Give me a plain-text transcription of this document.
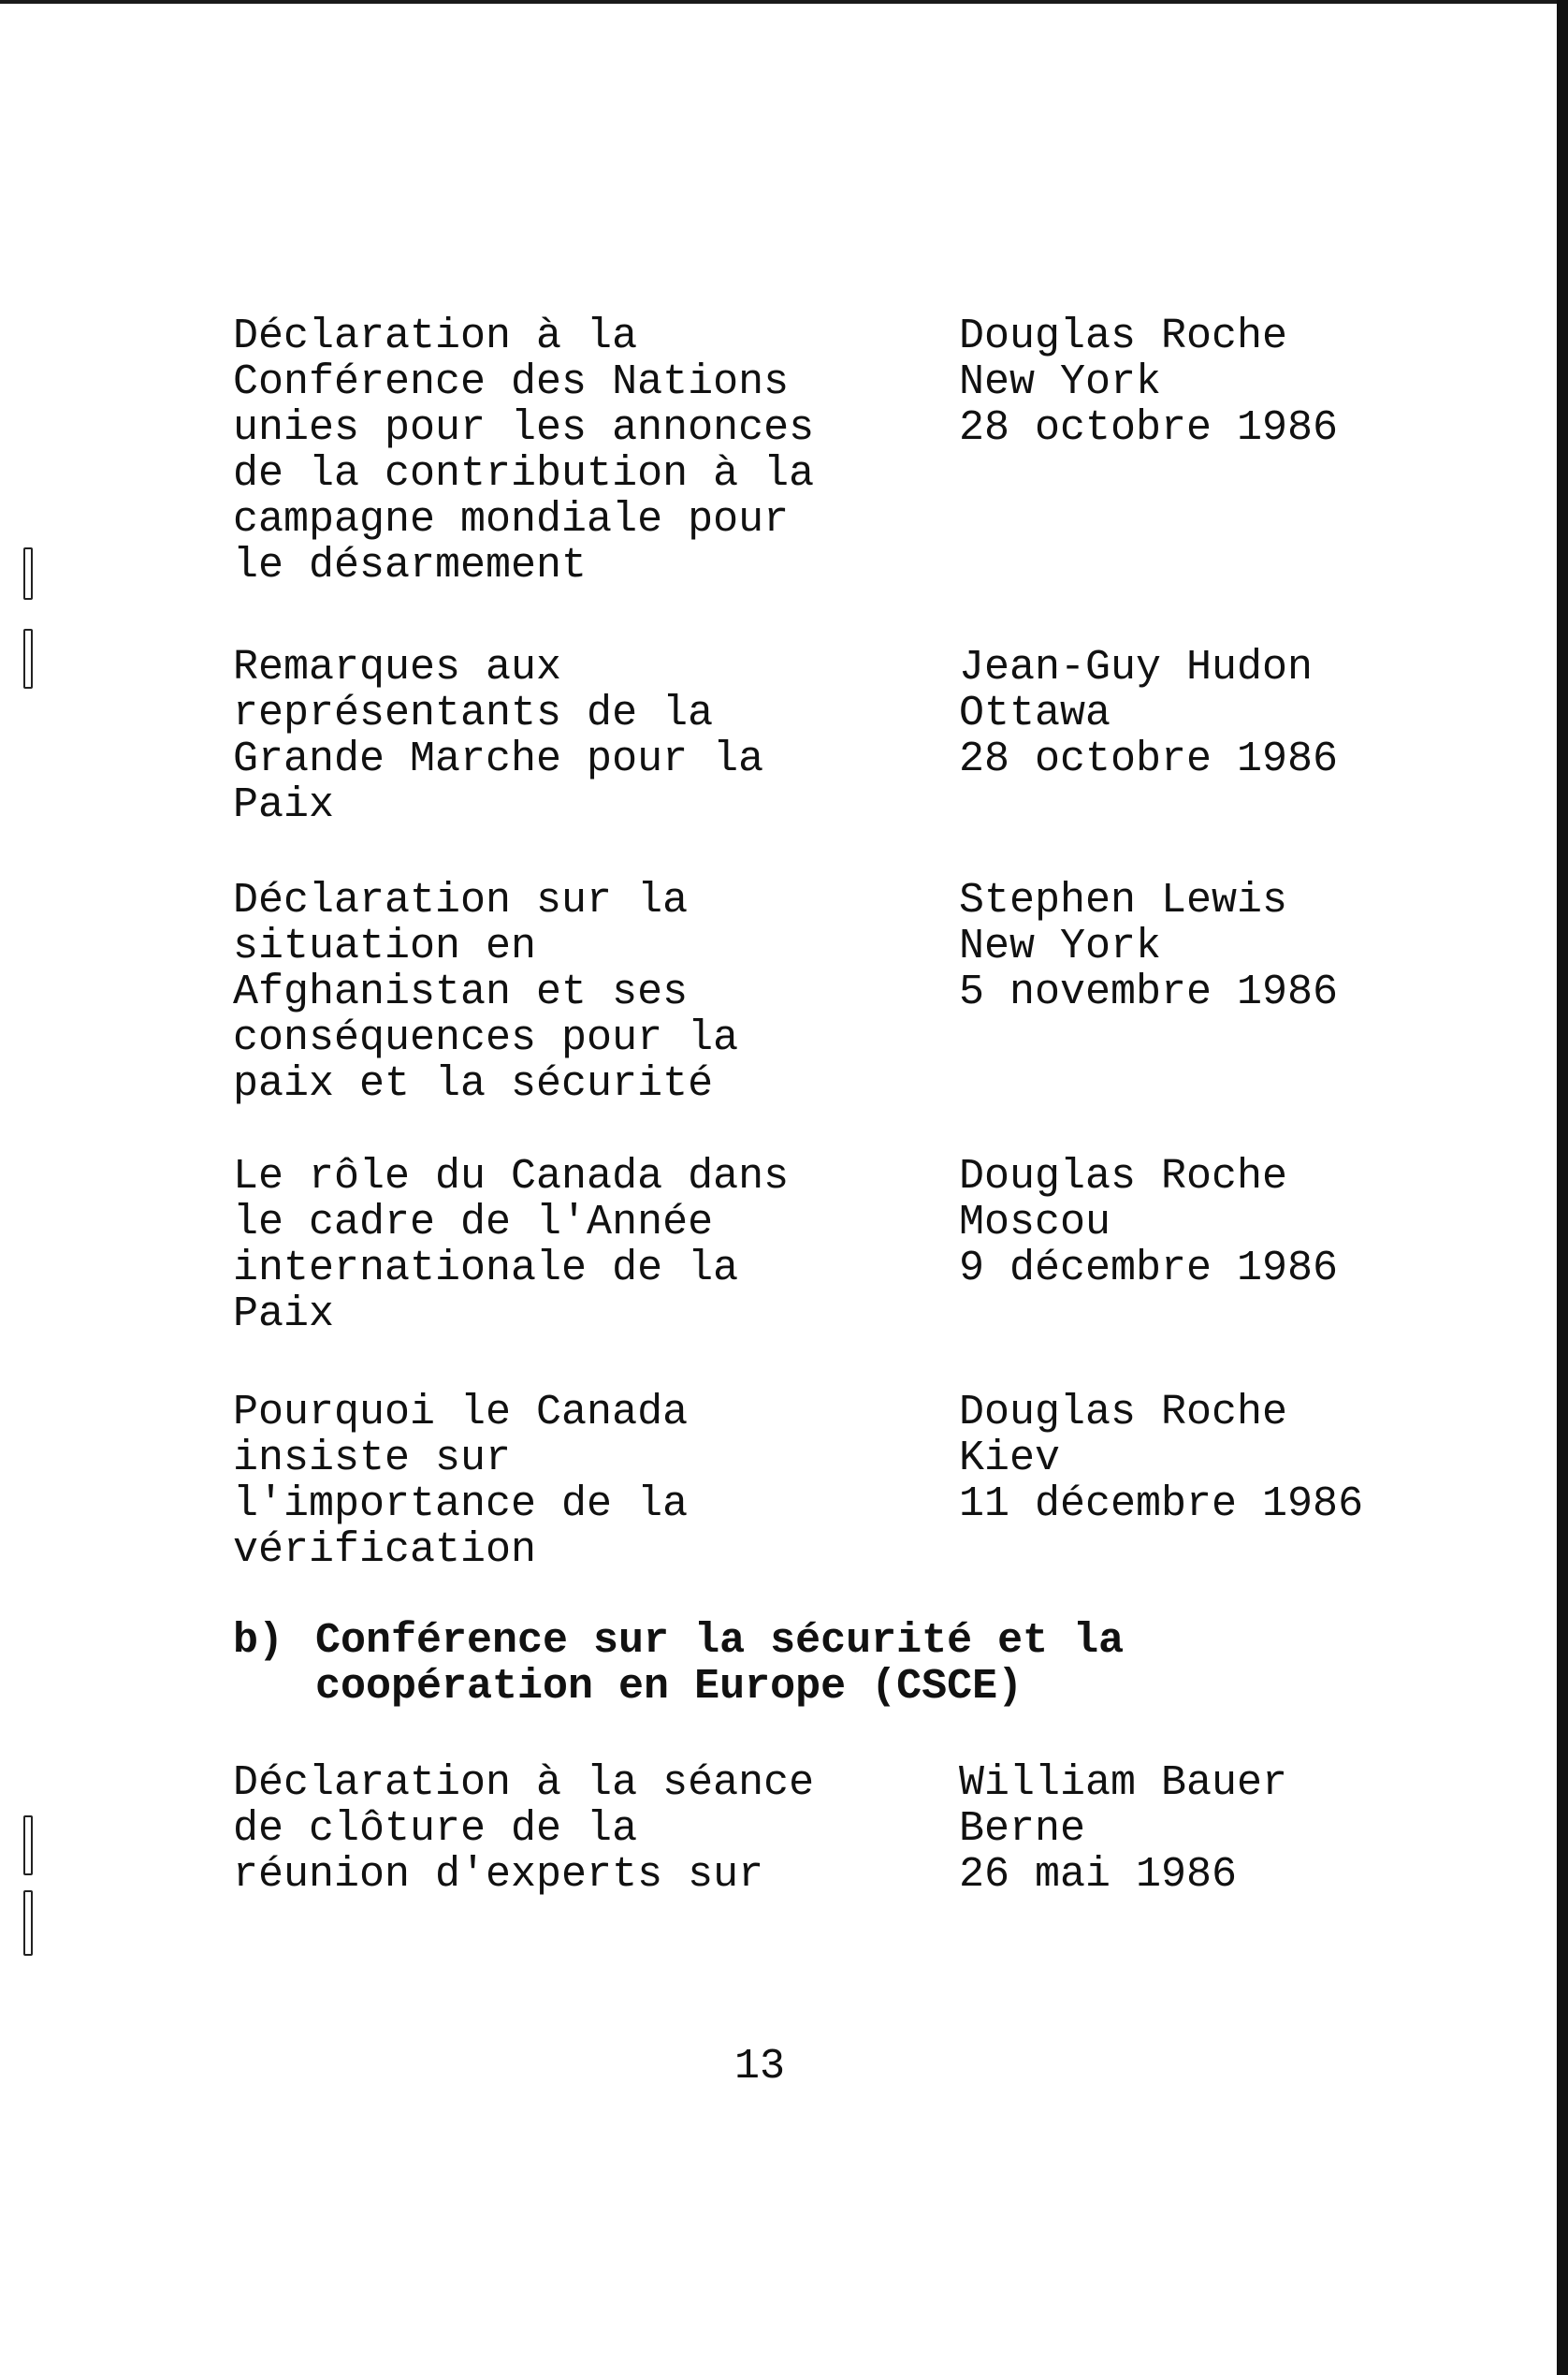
Déclaration à la
Conférence des Nations
unies pour les annonces
de la contribution à la
campagne mondiale pour
le désarmement
Douglas Roche
New York
28 octobre 1986
Remarques aux
représentants de la
Grande Marche pour la
Paix
Jean-Guy Hudon
Ottawa
28 octobre 1986
Déclaration sur la
situation en
Afghanistan et ses
conséquences pour la
paix et la sécurité
Stephen Lewis
New York
5 novembre 1986
Le rôle du Canada dans
le cadre de l'Année
internationale de la
Paix
Douglas Roche
Moscou
9 décembre 1986
Pourquoi le Canada
insiste sur
l'importance de la
vérification
Douglas Roche
Kiev
11 décembre 1986
b) Conférence sur la sécurité et la
coopération en Europe (CSCE)
Déclaration à la séance
de clôture de la
réunion d'experts sur
William Bauer
Berne
26 mai 1986
13
